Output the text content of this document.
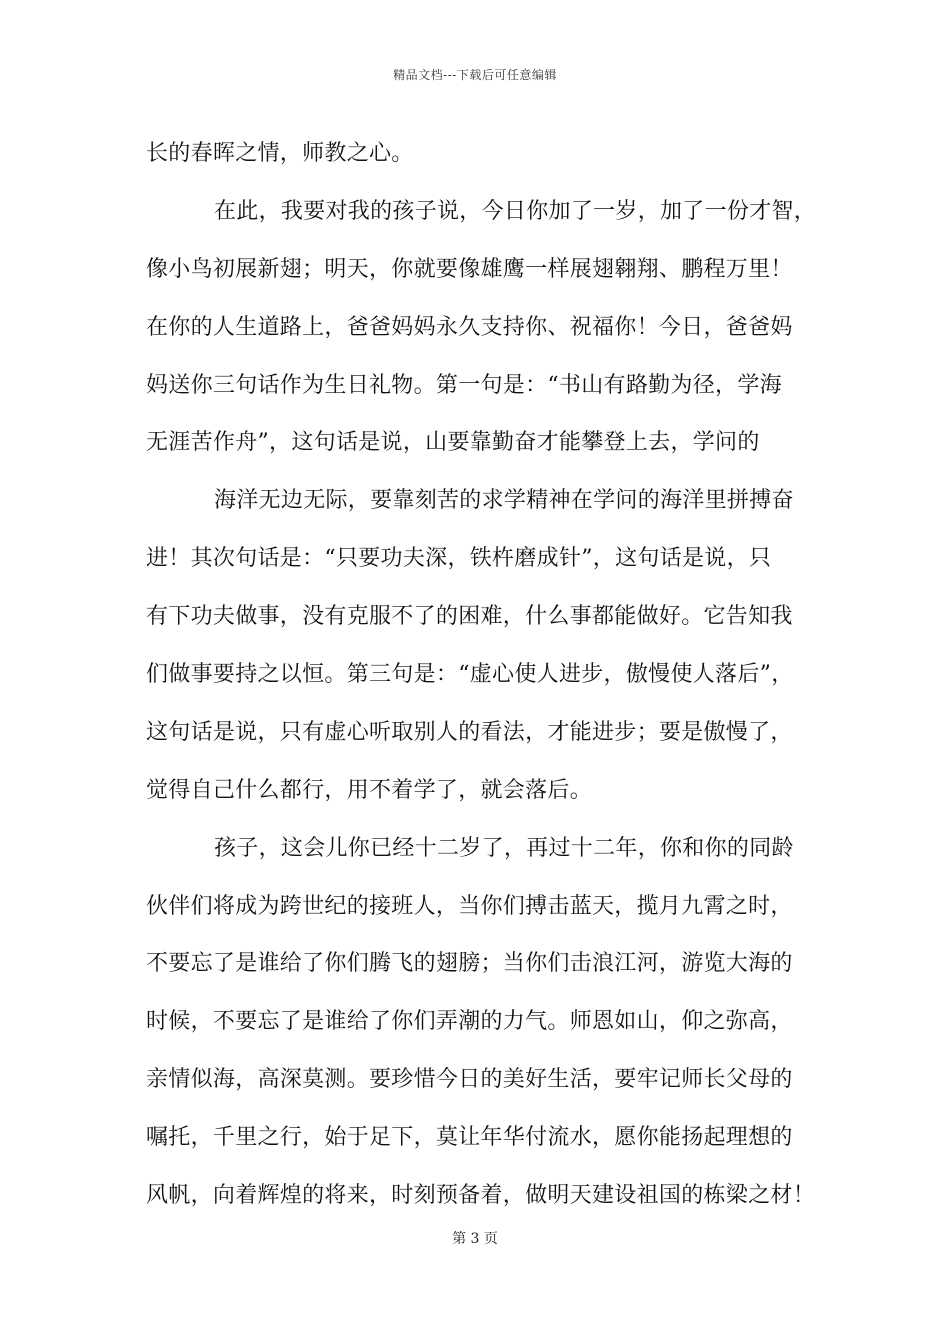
精品文档---下载后可任意编辑
长的春晖之情，师教之心。
在此，我要对我的孩子说，今日你加了一岁，加了一份才智，
像小鸟初展新翅；明天，你就要像雄鹰一样展翅翱翔、鹏程万里！
在你的人生道路上，爸爸妈妈永久支持你、祝福你！今日，爸爸妈
妈送你三句话作为生日礼物。第一句是：“书山有路勤为径，学海
无涯苦作舟”，这句话是说，山要靠勤奋才能攀登上去，学问的
海洋无边无际，要靠刻苦的求学精神在学问的海洋里拼搏奋
进！其次句话是：“只要功夫深，铁杵磨成针”，这句话是说，只
有下功夫做事，没有克服不了的困难，什么事都能做好。它告知我
们做事要持之以恒。第三句是：“虚心使人进步，傲慢使人落后”，
这句话是说，只有虚心听取别人的看法，才能进步；要是傲慢了，
觉得自己什么都行，用不着学了，就会落后。
孩子，这会儿你已经十二岁了，再过十二年，你和你的同龄
伙伴们将成为跨世纪的接班人，当你们搏击蓝天，揽月九霄之时，
不要忘了是谁给了你们腾飞的翅膀；当你们击浪江河，游览大海的
时候，不要忘了是谁给了你们弄潮的力气。师恩如山，仰之弥高，
亲情似海，高深莫测。要珍惜今日的美好生活，要牢记师长父母的
嘱托，千里之行，始于足下，莫让年华付流水，愿你能扬起理想的
风帆，向着辉煌的将来，时刻预备着，做明天建设祖国的栋梁之材！
第 3 页
